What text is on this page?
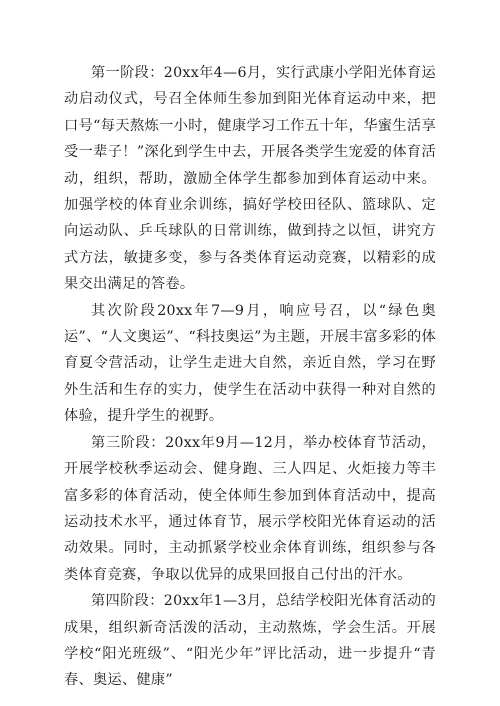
第一阶段：20xx年4—6月，实行武康小学阳光体育运动启动仪式，号召全体师生参加到阳光体育运动中来，把口号“每天熬炼一小时，健康学习工作五十年，华蜜生活享受一辈子！”深化到学生中去，开展各类学生宠爱的体育活动，组织，帮助，激励全体学生都参加到体育运动中来。加强学校的体育业余训练，搞好学校田径队、篮球队、定向运动队、乒乓球队的日常训练，做到持之以恒，讲究方式方法，敏捷多变，参与各类体育运动竞赛，以精彩的成果交出满足的答卷。

其次阶段20xx年7—9月，响应号召，以“绿色奥运”、“人文奥运”、“科技奥运”为主题，开展丰富多彩的体育夏令营活动，让学生走进大自然，亲近自然，学习在野外生活和生存的实力，使学生在活动中获得一种对自然的体验，提升学生的视野。

第三阶段：20xx年9月—12月，举办校体育节活动，开展学校秋季运动会、健身跑、三人四足、火炬接力等丰富多彩的体育活动，使全体师生参加到体育活动中，提高运动技术水平，通过体育节，展示学校阳光体育运动的活动效果。同时，主动抓紧学校业余体育训练，组织参与各类体育竞赛，争取以优异的成果回报自己付出的汗水。

第四阶段：20xx年1—3月，总结学校阳光体育活动的成果，组织新奇活泼的活动，主动熬炼，学会生活。开展学校“阳光班级”、“阳光少年”评比活动，进一步提升“青春、奥运、健康”
